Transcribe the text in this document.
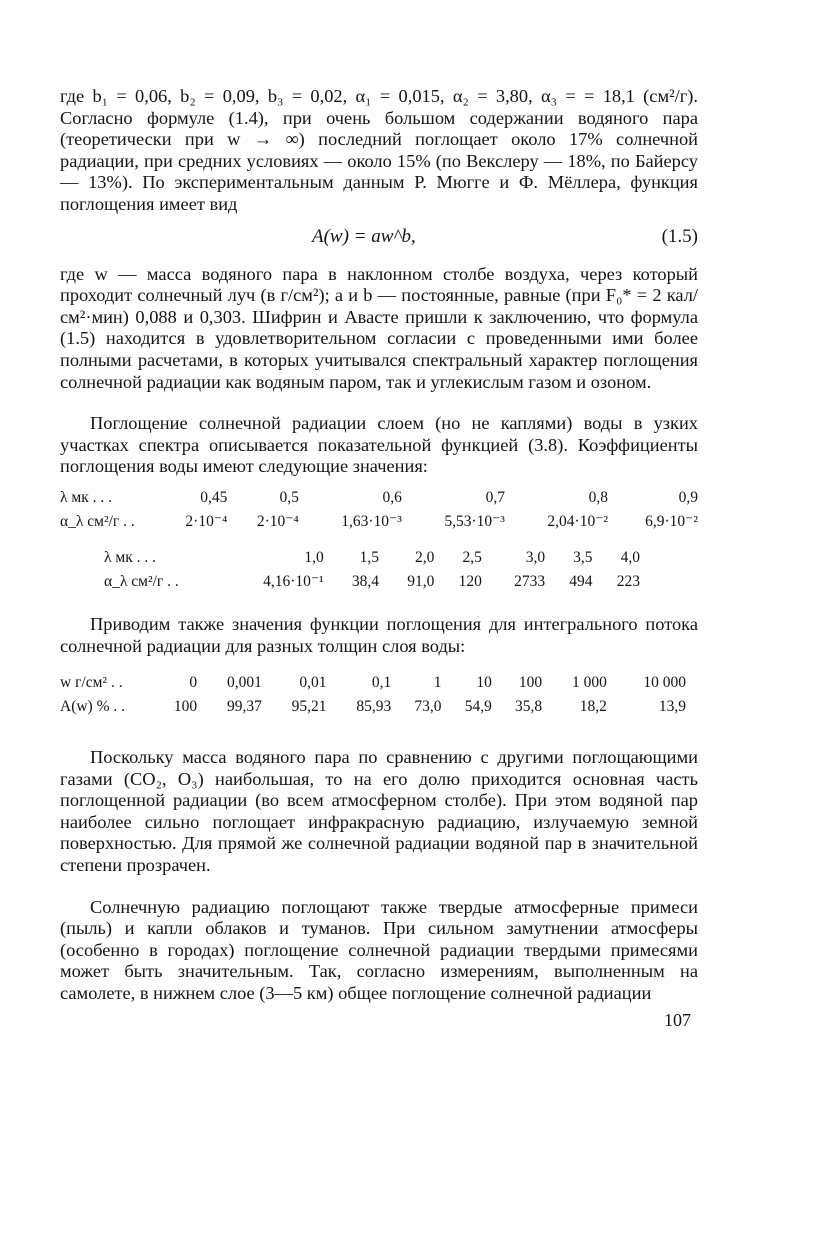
где b₁ = 0,06, b₂ = 0,09, b₃ = 0,02, α₁ = 0,015, α₂ = 3,80, α₃ = = 18,1 (см²/г). Согласно формуле (1.4), при очень большом содержании водяного пара (теоретически при w → ∞) последний поглощает около 17% солнечной радиации, при средних условиях — около 15% (по Векслеру — 18%, по Байерсу — 13%). По экспериментальным данным Р. Мюгге и Ф. Мёллера, функция поглощения имеет вид

A(w) = aw^b,	(1.5)

где w — масса водяного пара в наклонном столбе воздуха, через который проходит солнечный луч (в г/см²); a и b — постоянные, равные (при F₀* = 2 кал/см²·мин) 0,088 и 0,303. Шифрин и Авасте пришли к заключению, что формула (1.5) находится в удовлетворительном согласии с проведенными ими более полными расчетами, в которых учитывался спектральный характер поглощения солнечной радиации как водяным паром, так и углекислым газом и озоном.

Поглощение солнечной радиации слоем (но не каплями) воды в узких участках спектра описывается показательной функцией (3.8). Коэффициенты поглощения воды имеют следующие значения:

λ мк . . .	0,45	0,5	0,6	0,7	0,8	0,9
α_λ см²/г . .	2·10⁻⁴	2·10⁻⁴	1,63·10⁻³	5,53·10⁻³	2,04·10⁻²	6,9·10⁻²
λ мк . . .	1,0	1,5	2,0	2,5	3,0	3,5	4,0
α_λ см²/г . .	4,16·10⁻¹	38,4	91,0	120	2733	494	223

Приводим также значения функции поглощения для интегрального потока солнечной радиации для разных толщин слоя воды:

w г/см² . .	0	0,001	0,01	0,1	1	10	100	1 000	10 000
A(w) % . .	100	99,37	95,21	85,93	73,0	54,9	35,8	18,2	13,9

Поскольку масса водяного пара по сравнению с другими поглощающими газами (CO₂, O₃) наибольшая, то на его долю приходится основная часть поглощенной радиации (во всем атмосферном столбе). При этом водяной пар наиболее сильно поглощает инфракрасную радиацию, излучаемую земной поверхностью. Для прямой же солнечной радиации водяной пар в значительной степени прозрачен.

Солнечную радиацию поглощают также твердые атмосферные примеси (пыль) и капли облаков и туманов. При сильном замутнении атмосферы (особенно в городах) поглощение солнечной радиации твердыми примесями может быть значительным. Так, согласно измерениям, выполненным на самолете, в нижнем слое (3—5 км) общее поглощение солнечной радиации

107
